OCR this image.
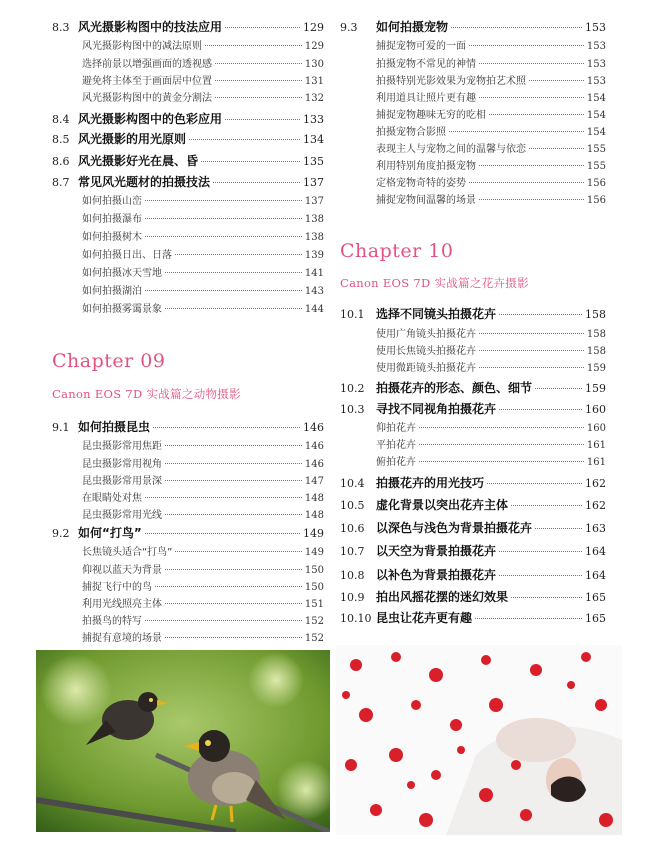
8.3 风光摄影构图中的技法应用	129
风光摄影构图中的减法原则	129
选择前景以增强画面的透视感	130
避免将主体至于画面居中位置	131
风光摄影构图中的黄金分割法	132
8.4 风光摄影构图中的色彩应用	133
8.5 风光摄影的用光原则	134
8.6 风光摄影好光在晨、昏	135
8.7 常见风光题材的拍摄技法	137
如何拍摄山峦	137
如何拍摄瀑布	138
如何拍摄树木	138
如何拍摄日出、日落	139
如何拍摄冰天雪地	141
如何拍摄湖泊	143
如何拍摄雾霭景象	144
Chapter 09
Canon EOS 7D 实战篇之动物摄影
9.1 如何拍摄昆虫	146
昆虫摄影常用焦距	146
昆虫摄影常用视角	146
昆虫摄影常用景深	147
在眼睛处对焦	148
昆虫摄影常用光线	148
9.2 如何“打鸟”	149
长焦镜头适合“打鸟”	149
仰视以蓝天为背景	150
捕捉飞行中的鸟	150
利用光线照亮主体	151
拍摄鸟的特写	152
捕捉有意境的场景	152
9.3	如何拍摄宠物	153
捕捉宠物可爱的一面	153
拍摄宠物不常见的神情	153
拍摄特别光影效果为宠物拍艺术照	153
利用道具让照片更有趣	154
捕捉宠物趣味无穷的吃相	154
拍摄宠物合影照	154
表现主人与宠物之间的温馨与依恋	155
利用特别角度拍摄宠物	155
定格宠物奇特的姿势	156
捕捉宠物间温馨的场景	156
Chapter 10
Canon EOS 7D 实战篇之花卉摄影
10.1 选择不同镜头拍摄花卉	158
使用广角镜头拍摄花卉	158
使用长焦镜头拍摄花卉	158
使用微距镜头拍摄花卉	159
10.2 拍摄花卉的形态、颜色、细节	159
10.3 寻找不同视角拍摄花卉	160
仰拍花卉	160
平拍花卉	161
俯拍花卉	161
10.4 拍摄花卉的用光技巧	162
10.5 虚化背景以突出花卉主体	162
10.6 以深色与浅色为背景拍摄花卉	163
10.7 以天空为背景拍摄花卉	164
10.8 以补色为背景拍摄花卉	164
10.9 拍出风摇花摆的迷幻效果	165
10.10 昆虫让花卉更有趣	165
